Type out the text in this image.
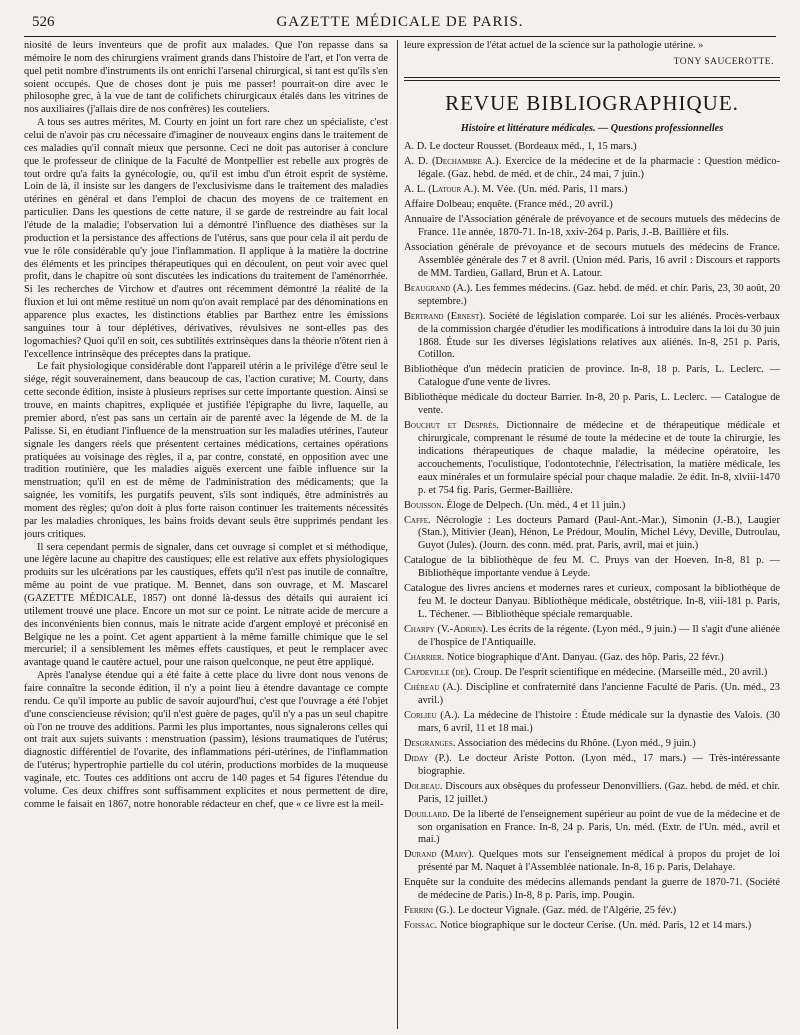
526	GAZETTE MÉDICALE DE PARIS.

niosité de leurs inventeurs que de profit aux malades. Que l'on repasse dans sa mémoire le nom des chirurgiens vraiment grands dans l'histoire de l'art, et l'on verra de quel petit nombre d'instruments ils ont enrichi l'arsenal chirurgical, si tant est qu'ils s'en soient occupés. Que de choses dont je puis me passer! pourrait-on dire avec le philosophe grec, à la vue de tant de colifichets chirurgicaux étalés dans les vitrines de nos auxiliaires (j'allais dire de nos confrères) les couteliers.

A tous ses autres mérites, M. Courty en joint un fort rare chez un spécialiste, c'est celui de n'avoir pas cru nécessaire d'imaginer de nouveaux engins dans le traitement de ces maladies qu'il connaît mieux que personne. Ceci ne doit pas autoriser à conclure que le professeur de clinique de la Faculté de Montpellier est rebelle aux progrès de tout ordre qu'a faits la gynécologie, ou, qu'il est imbu d'un étroit esprit de système. Loin de là, il insiste sur les dangers de l'exclusivisme dans le traitement des maladies utérines en général et dans l'emploi de chacun des moyens de ce traitement en particulier. Dans les questions de cette nature, il se garde de restreindre au fait local l'étude de la maladie; l'observation lui a démontré l'influence des diathèses sur la production et la persistance des affections de l'utérus, sans que pour cela il ait perdu de vue le rôle considérable qu'y joue l'inflammation. Il applique à la matière la doctrine des éléments et les principes thérapeutiques qui en découlent, on peut voir avec quel profit, dans le chapitre où sont discutées les indications du traitement de l'aménorrhée. Si les recherches de Virchow et d'autres ont récemment démontré la réalité de la fluxion et lui ont même restitué un nom qu'on avait remplacé par des dénominations en apparence plus exactes, les distinctions établies par Barthez entre les émissions sanguines tour à tour déplétives, dérivatives, révulsives ne sont-elles pas des logomachies? Quoi qu'il en soit, ces subtilités extrinsèques dans la théorie n'ôtent rien à l'excellence intrinsèque des préceptes dans la pratique.

Le fait physiologique considérable dont l'appareil utérin a le privilége d'être seul le siége, régit souverainement, dans beaucoup de cas, l'action curative; M. Courty, dans cette seconde édition, insiste à plusieurs reprises sur cette importante question. Ainsi se trouve, en maints chapitres, expliquée et justifiée l'épigraphe du livre, laquelle, au premier abord, n'est pas sans un certain air de parenté avec la légende de M. de la Palisse. Si, en étudiant l'influence de la menstruation sur les maladies utérines, l'auteur signale les dangers réels que présentent certaines médications, certaines opérations pratiquées au voisinage des règles, il a, par contre, constaté, en opposition avec une tradition routinière, que les maladies aiguës exercent une faible influence sur la menstruation; qu'il en est de même de l'administration des médicaments; que la saignée, les vomitifs, les purgatifs peuvent, s'ils sont indiqués, être administrés au moment des règles; qu'on doit à plus forte raison continuer les traitements nécessités par les maladies chroniques, les bains froids devant seuls être supprimés pendant les jours critiques.

Il sera cependant permis de signaler, dans cet ouvrage si complet et si méthodique, une légère lacune au chapitre des caustiques; elle est relative aux effets physiologiques produits sur les ulcérations par les caustiques, effets qu'il n'est pas inutile de connaître, même au point de vue pratique. M. Bennet, dans son ouvrage, et M. Mascarel (GAZETTE MÉDICALE, 1857) ont donné là-dessus des détails qui auraient ici utilement trouvé une place. Encore un mot sur ce point. Le nitrate acide de mercure a des inconvénients bien connus, mais le nitrate acide d'argent employé et préconisé en Belgique ne les a point. Cet agent appartient à la même famille chimique que le sel mercuriel; il a sensiblement les mêmes effets caustiques, et peut le remplacer avec avantage quand le cautère actuel, pour une raison quelconque, ne peut être appliqué.

Après l'analyse étendue qui a été faite à cette place du livre dont nous venons de faire connaître la seconde édition, il n'y a point lieu à étendre davantage ce compte rendu. Ce qu'il importe au public de savoir aujourd'hui, c'est que l'ouvrage a été l'objet d'une consciencieuse révision; qu'il n'est guère de pages, qu'il n'y a pas un seul chapitre où l'on ne trouve des additions. Parmi les plus importantes, nous signalerons celles qui ont trait aux sujets suivants : menstruation (passim), lésions traumatiques de l'utérus; diagnostic différentiel de l'ovarite, des inflammations péri-utérines, de l'inflammation de l'utérus; hypertrophie partielle du col utérin, productions morbides de la muqueuse vaginale, etc. Toutes ces additions ont accru de 140 pages et 54 figures l'étendue du volume. Ces deux chiffres sont suffisamment explicites et nous permettent de dire, comme le faisait en 1867, notre honorable rédacteur en chef, que « ce livre est la meil-

leure expression de l'état actuel de la science sur la pathologie utérine. »

TONY SAUCEROTTE.
REVUE BIBLIOGRAPHIQUE.
Histoire et littérature médicales. — Questions professionnelles
A. D. Le docteur Rousset. (Bordeaux méd., 1, 15 mars.)
A. D. (Dechambre A.). Exercice de la médecine et de la pharmacie : Question médico-légale. (Gaz. hebd. de méd. et de chir., 24 mai, 7 juin.)
A. L. (Latour A.). M. Vée. (Un. méd. Paris, 11 mars.)
Affaire Dolbeau; enquête. (France méd., 20 avril.)
Annuaire de l'Association générale de prévoyance et de secours mutuels des médecins de France. 11e année, 1870-71. In-18, xxiv-264 p. Paris, J.-B. Baillière et fils.
Association générale de prévoyance et de secours mutuels des médecins de France. Assemblée générale des 7 et 8 avril. (Union méd. Paris, 16 avril : Discours et rapports de MM. Tardieu, Gallard, Brun et A. Latour.
Beaugrand (A.). Les femmes médecins. (Gaz. hebd. de méd. et chir. Paris, 23, 30 août, 20 septembre.)
Bertrand (Ernest). Société de législation comparée. Loi sur les aliénés. Procès-verbaux de la commission chargée d'étudier les modifications à introduire dans la loi du 30 juin 1868. Étude sur les diverses législations relatives aux aliénés. In-8, 251 p. Paris, Cotillon.
Bibliothèque d'un médecin praticien de province. In-8, 18 p. Paris, L. Leclerc. — Catalogue d'une vente de livres.
Bibliothèque médicale du docteur Barrier. In-8, 20 p. Paris, L. Leclerc. — Catalogue de vente.
Bouchut et Desprès. Dictionnaire de médecine et de thérapeutique médicale et chirurgicale, comprenant le résumé de toute la médecine et de toute la chirurgie, les indications thérapeutiques de chaque maladie, la médecine opératoire, les accouchements, l'oculistique, l'odontotechnie, l'électrisation, la matière médicale, les eaux minérales et un formulaire spécial pour chaque maladie. 2e édit. In-8, xlviii-1470 p. et 754 fig. Paris, Germer-Baillière.
Bouisson. Éloge de Delpech. (Un. méd., 4 et 11 juin.)
Caffe. Nécrologie : Les docteurs Pamard (Paul-Ant.-Mar.), Simonin (J.-B.), Laugier (Stan.), Mitivier (Jean), Hénon, Le Prédour, Moulin, Michel Lévy, Deville, Dutroulau, Guyot (Jules). (Journ. des conn. méd. prat. Paris, avril, mai et juin.)
Catalogue de la bibliothèque de feu M. C. Pruys van der Hoeven. In-8, 81 p. — Bibliothèque importante vendue à Leyde.
Catalogue des livres anciens et modernes rares et curieux, composant la bibliothèque de feu M. le docteur Danyau. Bibliothèque médicale, obstétrique. In-8, viii-181 p. Paris, L. Téchener. — Bibliothèque spéciale remarquable.
Charpy (V.-Adrien). Les écrits de la régente. (Lyon méd., 9 juin.) — Il s'agit d'une aliénée de l'hospice de l'Antiquaille.
Charrier. Notice biographique d'Ant. Danyau. (Gaz. des hôp. Paris, 22 févr.)
Capdeville (de). Croup. De l'esprit scientifique en médecine. (Marseille méd., 20 avril.)
Chéreau (A.). Discipline et confraternité dans l'ancienne Faculté de Paris. (Un. méd., 23 avril.)
Corlieu (A.). La médecine de l'histoire : Étude médicale sur la dynastie des Valois. (30 mars, 6 avril, 11 et 18 mai.)
Desgranges. Association des médecins du Rhône. (Lyon méd., 9 juin.)
Diday (P.). Le docteur Ariste Potton. (Lyon méd., 17 mars.) — Très-intéressante biographie.
Dolbeau. Discours aux obsèques du professeur Denonvilliers. (Gaz. hebd. de méd. et chir. Paris, 12 juillet.)
Douillard. De la liberté de l'enseignement supérieur au point de vue de la médecine et de son organisation en France. In-8, 24 p. Paris, Un. méd. (Extr. de l'Un. méd., avril et mai.)
Durand (Mary). Quelques mots sur l'enseignement médical à propos du projet de loi présenté par M. Naquet à l'Assemblée nationale. In-8, 16 p. Paris, Delahaye.
Enquête sur la conduite des médecins allemands pendant la guerre de 1870-71. (Société de médecine de Paris.) In-8, 8 p. Paris, imp. Pougin.
Ferrini (G.). Le docteur Vignale. (Gaz. méd. de l'Algérie, 25 fév.)
Foissac. Notice biographique sur le docteur Cerise. (Un. méd. Paris, 12 et 14 mars.)
